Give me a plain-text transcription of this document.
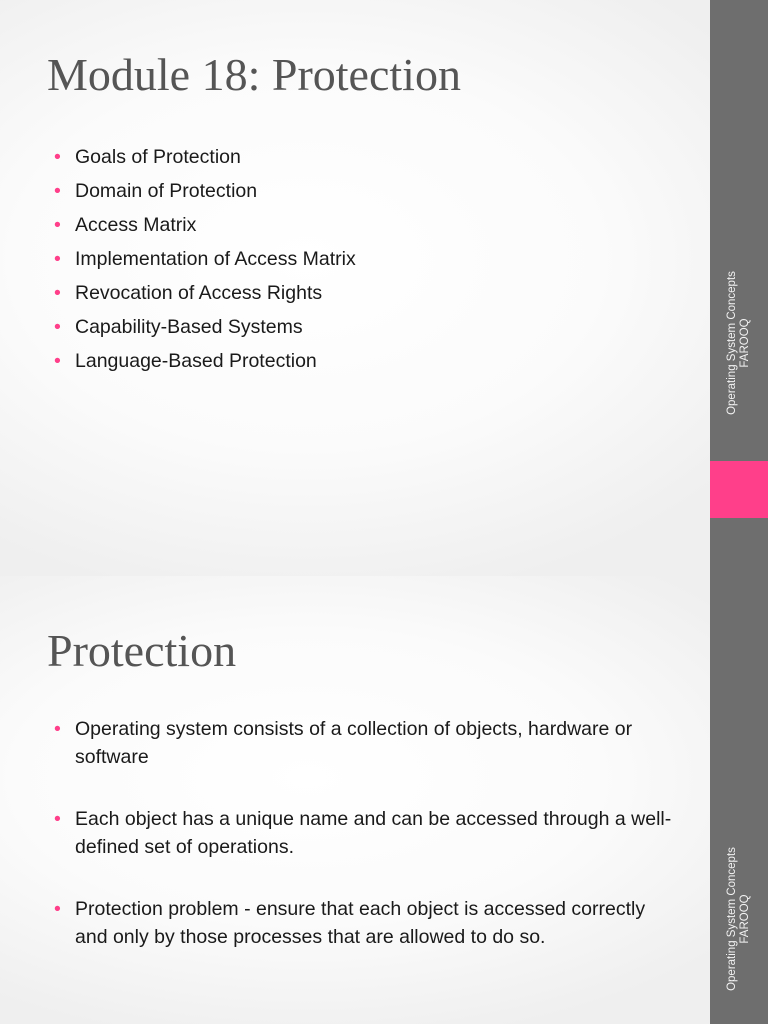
Module 18: Protection
• Goals of Protection
• Domain of Protection
• Access Matrix
• Implementation of Access Matrix
• Revocation of Access Rights
• Capability-Based Systems
• Language-Based Protection	Operating System Concepts FAROOQ
Protection
• Operating system consists of a collection of objects, hardware or software
• Each object has a unique name and can be accessed through a well-defined set of operations.
• Protection problem - ensure that each object is accessed correctly and only by those processes that are allowed to do so.	Operating System Concepts FAROOQ
